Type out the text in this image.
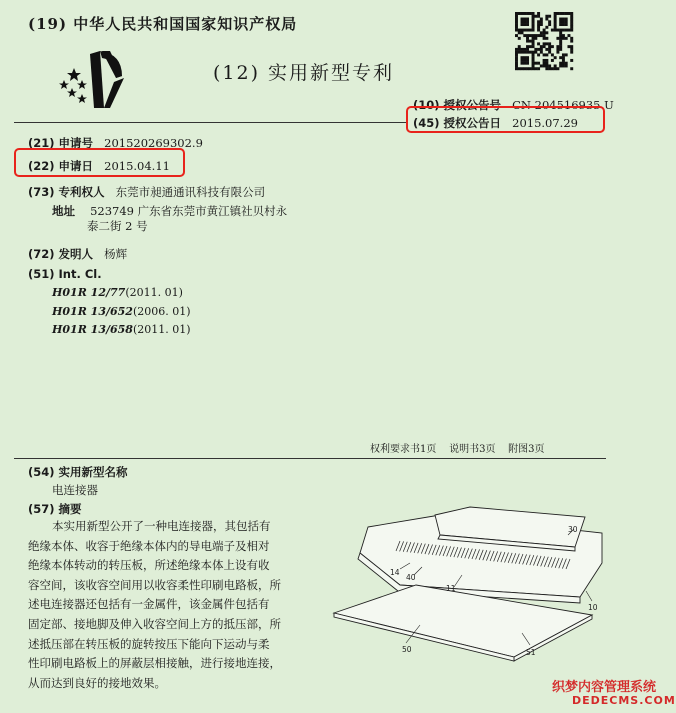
(19) 中华人民共和国国家知识产权局
(12) 实用新型专利
(10) 授权公告号 CN 204516935 U
(45) 授权公告日 2015.07.29
(21) 申请号 201520269302.9
(22) 申请日 2015.04.11
(73) 专利权人 东莞市昶通通讯科技有限公司
地址 523749 广东省东莞市黄江镇社贝村永
泰二街 2 号
(72) 发明人 杨辉
(51) Int. Cl.
H01R 12/77(2011. 01)
H01R 13/652(2006. 01)
H01R 13/658(2011. 01)
权利要求书1页    说明书3页    附图3页
(54) 实用新型名称
电连接器
(57) 摘要
本实用新型公开了一种电连接器，其包括有
绝缘本体、收容于绝缘本体内的导电端子及相对
绝缘本体转动的转压板，所述绝缘本体上设有收
容空间，该收容空间用以收容柔性印刷电路板，所
述电连接器还包括有一金属件，该金属件包括有
固定部、接地脚及伸入收容空间上方的抵压部，所
述抵压部在转压板的旋转按压下能向下运动与柔
性印刷电路板上的屏蔽层相接触，进行接地连接，
从而达到良好的接地效果。
30
14
40
11
10
50	51
织梦内容管理系统
DEDECMS.COM
